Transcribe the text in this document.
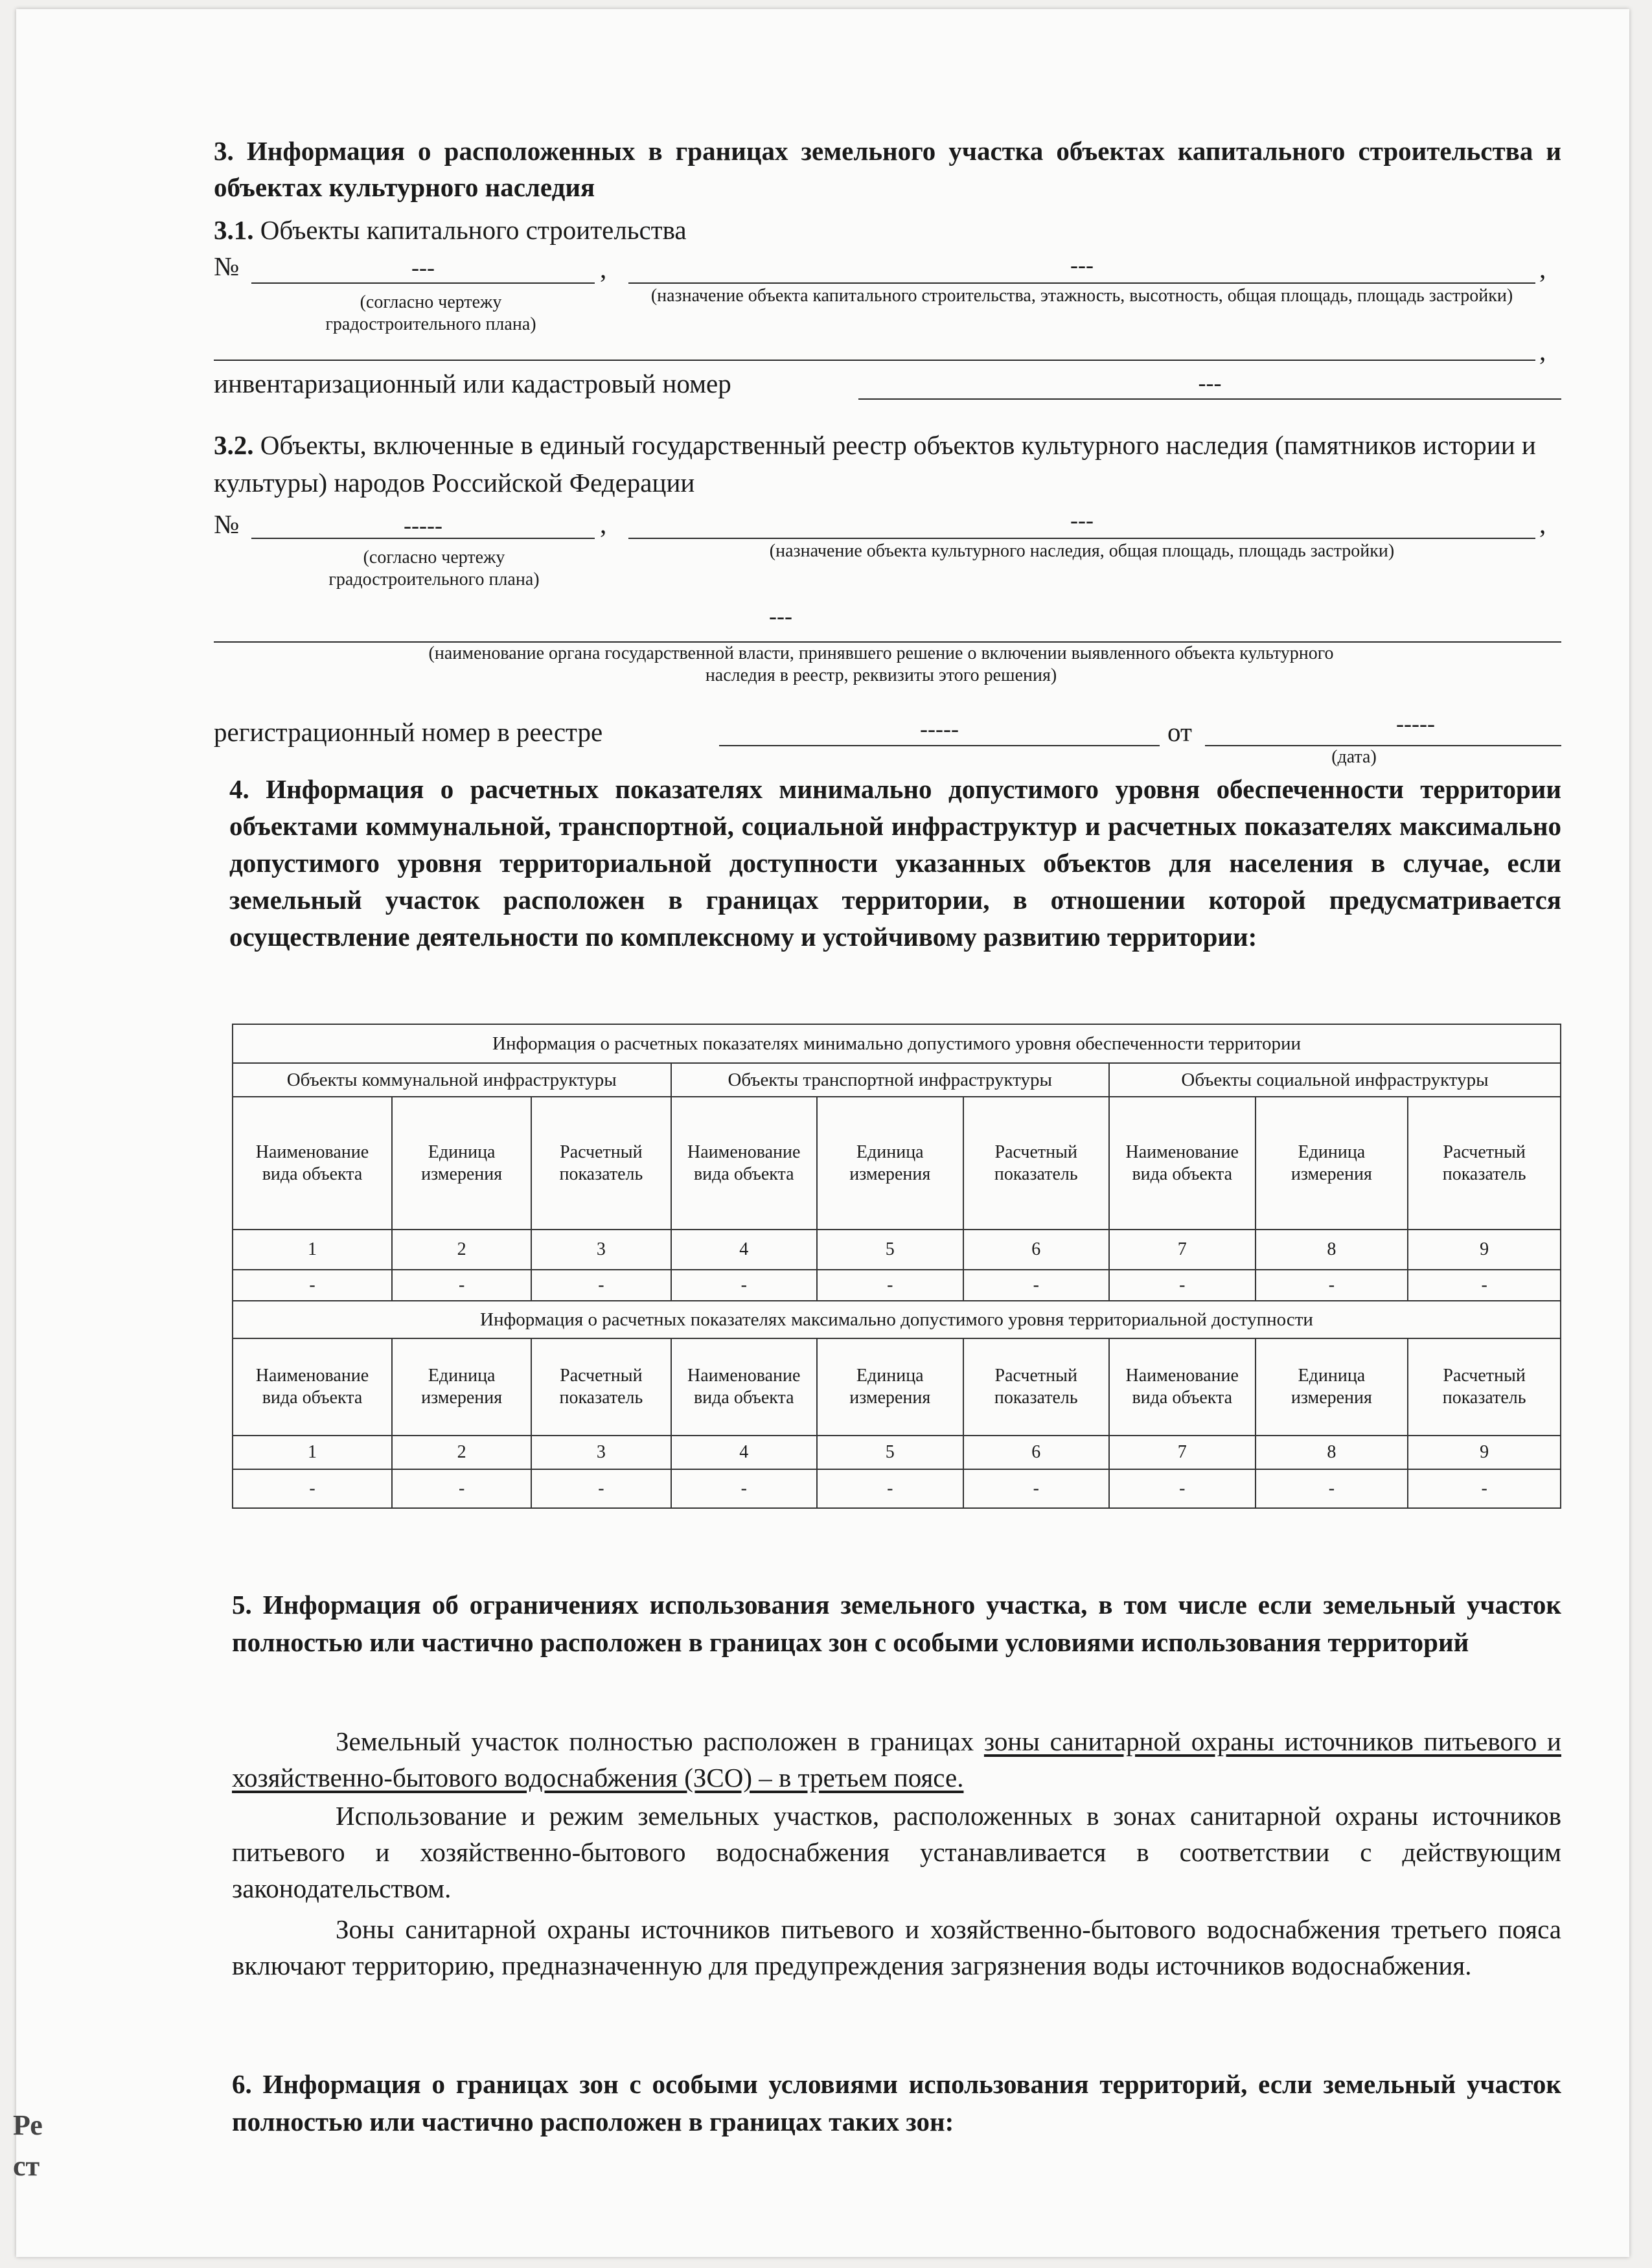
Ре
ст
3. Информация о расположенных в границах земельного участка объектах капитального строительства и объектах культурного наследия
3.1. Объекты капитального строительства
№	---	,	---	,
(согласно чертежу градостроительного плана)
(назначение объекта капитального строительства, этажность, высотность, общая площадь, площадь застройки)
,
инвентаризационный или кадастровый номер	---
3.2. Объекты, включенные в единый государственный реестр объектов культурного наследия (памятников истории и культуры) народов Российской Федерации
№	-----	,	---	,
(согласно чертежу градостроительного плана)
(назначение объекта культурного наследия, общая площадь, площадь застройки)
---
(наименование органа государственной власти, принявшего решение о включении выявленного объекта культурного наследия в реестр, реквизиты этого решения)
регистрационный номер в реестре	-----	от	-----
(дата)
4. Информация о расчетных показателях минимально допустимого уровня обеспеченности территории объектами коммунальной, транспортной, социальной инфраструктур и расчетных показателях максимально допустимого уровня территориальной доступности указанных объектов для населения в случае, если земельный участок расположен в границах территории, в отношении которой предусматривается осуществление деятельности по комплексному и устойчивому развитию территории:
Информация о расчетных показателях минимально допустимого уровня обеспеченности территории								
Объекты коммунальной инфраструктуры			Объекты транспортной инфраструктуры			Объекты социальной инфраструктуры		
Наименование вида объекта	Единица измерения	Расчетный показатель	Наименование вида объекта	Единица измерения	Расчетный показатель	Наименование вида объекта	Единица измерения	Расчетный показатель
1	2	3	4	5	6	7	8	9
-	-	-	-	-	-	-	-	-
Информация о расчетных показателях максимально допустимого уровня территориальной доступности								
Наименование вида объекта	Единица измерения	Расчетный показатель	Наименование вида объекта	Единица измерения	Расчетный показатель	Наименование вида объекта	Единица измерения	Расчетный показатель
1	2	3	4	5	6	7	8	9
-	-	-	-	-	-	-	-	-
5. Информация об ограничениях использования земельного участка, в том числе если земельный участок полностью или частично расположен в границах зон с особыми условиями использования территорий
Земельный участок полностью расположен в границах зоны санитарной охраны источников питьевого и хозяйственно-бытового водоснабжения (ЗСО) – в третьем поясе.
Использование и режим земельных участков, расположенных в зонах санитарной охраны источников питьевого и хозяйственно-бытового водоснабжения устанавливается в соответствии с действующим законодательством.
Зоны санитарной охраны источников питьевого и хозяйственно-бытового водоснабжения третьего пояса включают территорию, предназначенную для предупреждения загрязнения воды источников водоснабжения.
6. Информация о границах зон с особыми условиями использования территорий, если земельный участок полностью или частично расположен в границах таких зон:
